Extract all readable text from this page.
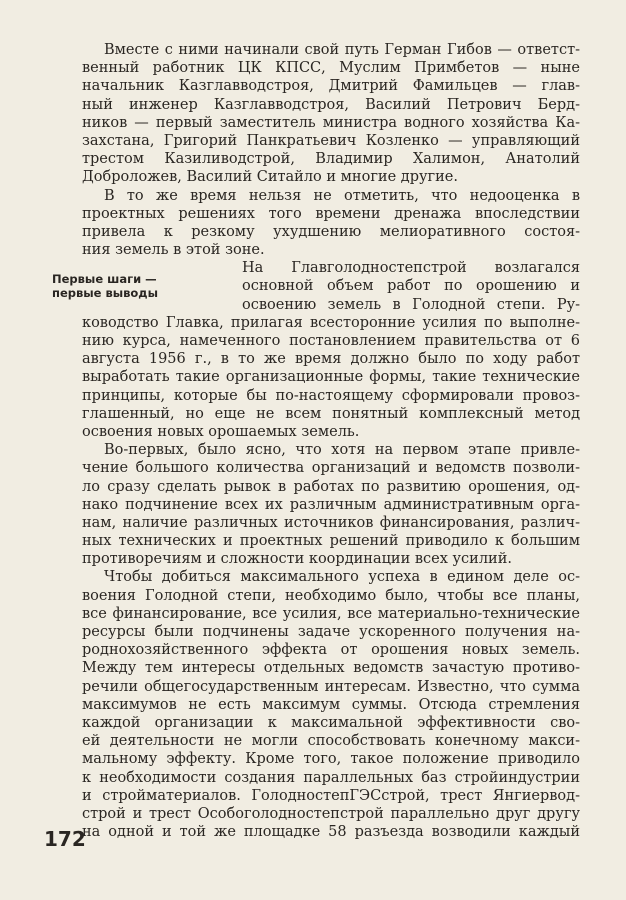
Первые шаги —
первые выводы
Вместе с ними начинали свой путь Герман Гибов — ответст-
венный работник ЦК КПСС, Муслим Примбетов — ныне
начальник Казглавводстроя, Дмитрий Фамильцев — глав-
ный инженер Казглавводстроя, Василий Петрович Берд-
ников — первый заместитель министра водного хозяйства Ка-
захстана, Григорий Панкратьевич Козленко — управляющий
трестом Казиливодстрой, Владимир Халимон, Анатолий
Доброложев, Василий Ситайло и многие другие.
В то же время нельзя не отметить, что недооценка в
проектных решениях того времени дренажа впоследствии
привела к резкому ухудшению мелиоративного состоя-
ния земель в этой зоне.
На Главголодностепстрой возлагался
основной объем работ по орошению и
освоению земель в Голодной степи. Ру-
ководство Главка, прилагая всесторонние усилия по выполне-
нию курса, намеченного постановлением правительства от 6
августа 1956 г., в то же время должно было по ходу работ
выработать такие организационные формы, такие технические
принципы, которые бы по-настоящему сформировали провоз-
глашенный, но еще не всем понятный комплексный метод
освоения новых орошаемых земель.
Во-первых, было ясно, что хотя на первом этапе привле-
чение большого количества организаций и ведомств позволи-
ло сразу сделать рывок в работах по развитию орошения, од-
нако подчинение всех их различным административным орга-
нам, наличие различных источников финансирования, различ-
ных технических и проектных решений приводило к большим
противоречиям и сложности координации всех усилий.
Чтобы добиться максимального успеха в едином деле ос-
воения Голодной степи, необходимо было, чтобы все планы,
все финансирование, все усилия, все материально-технические
ресурсы были подчинены задаче ускоренного получения на-
роднохозяйственного эффекта от орошения новых земель.
Между тем интересы отдельных ведомств зачастую противо-
речили общегосударственным интересам. Известно, что сумма
максимумов не есть максимум суммы. Отсюда стремления
каждой организации к максимальной эффективности сво-
ей деятельности не могли способствовать конечному макси-
мальному эффекту. Кроме того, такое положение приводило
к необходимости создания параллельных баз стройиндустрии
и стройматериалов. ГолодностепГЭСстрой, трест Янгиервод-
строй и трест Особоголодностепстрой параллельно друг другу
на одной и той же площадке 58 разъезда возводили каждый
172
